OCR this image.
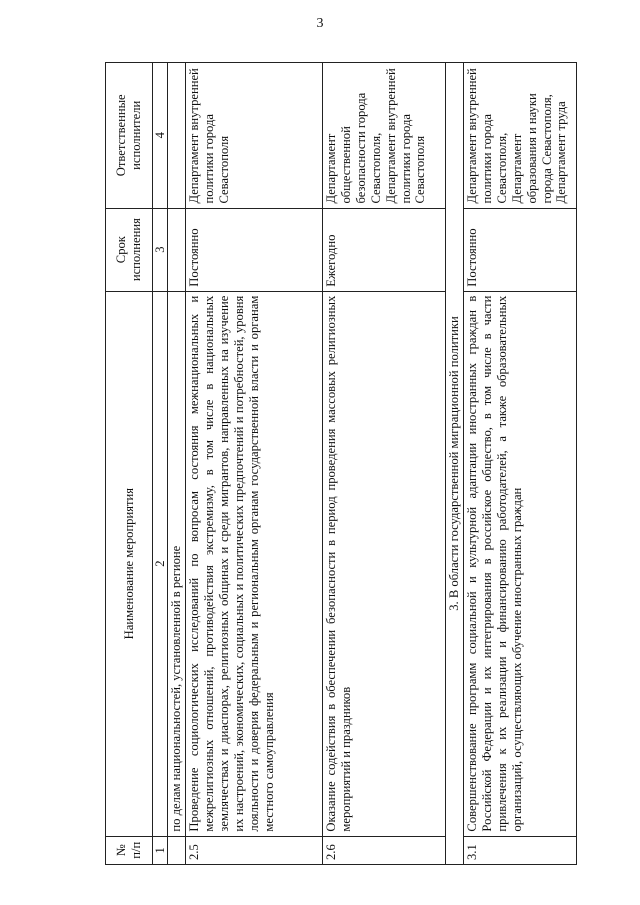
3
№ п/п	Наименование мероприятия	Срок исполнения	Ответственные исполнители
1	2	3	4
	по делам национальностей, установленной в регионе		
2.5	Проведение социологических исследований по вопросам состояния межнациональных и межрелигиозных отношений, противодействия экстремизму, в том числе в национальных землячествах и диаспорах, религиозных общинах и среди мигрантов, направленных на изучение их настроений, экономических, социальных и политических предпочтений и потребностей, уровня лояльности и доверия федеральным и региональным органам государственной власти и органам местного самоуправления	Постоянно	Департамент внутренней политики города Севастополя
2.6	Оказание содействия в обеспечении безопасности в период проведения массовых религиозных мероприятий и праздников	Ежегодно	Департамент общественной безопасности города Севастополя, Департамент внутренней политики города Севастополя
3. В области государственной миграционной политики			
3.1	Совершенствование программ социальной и культурной адаптации иностранных граждан в Российской Федерации и их интегрирования в российское общество, в том числе в части привлечения к их реализации и финансированию работодателей, а также образовательных организаций, осуществляющих обучение иностранных граждан	Постоянно	Департамент внутренней политики города Севастополя, Департамент образования и науки города Севастополя, Департамент труда
